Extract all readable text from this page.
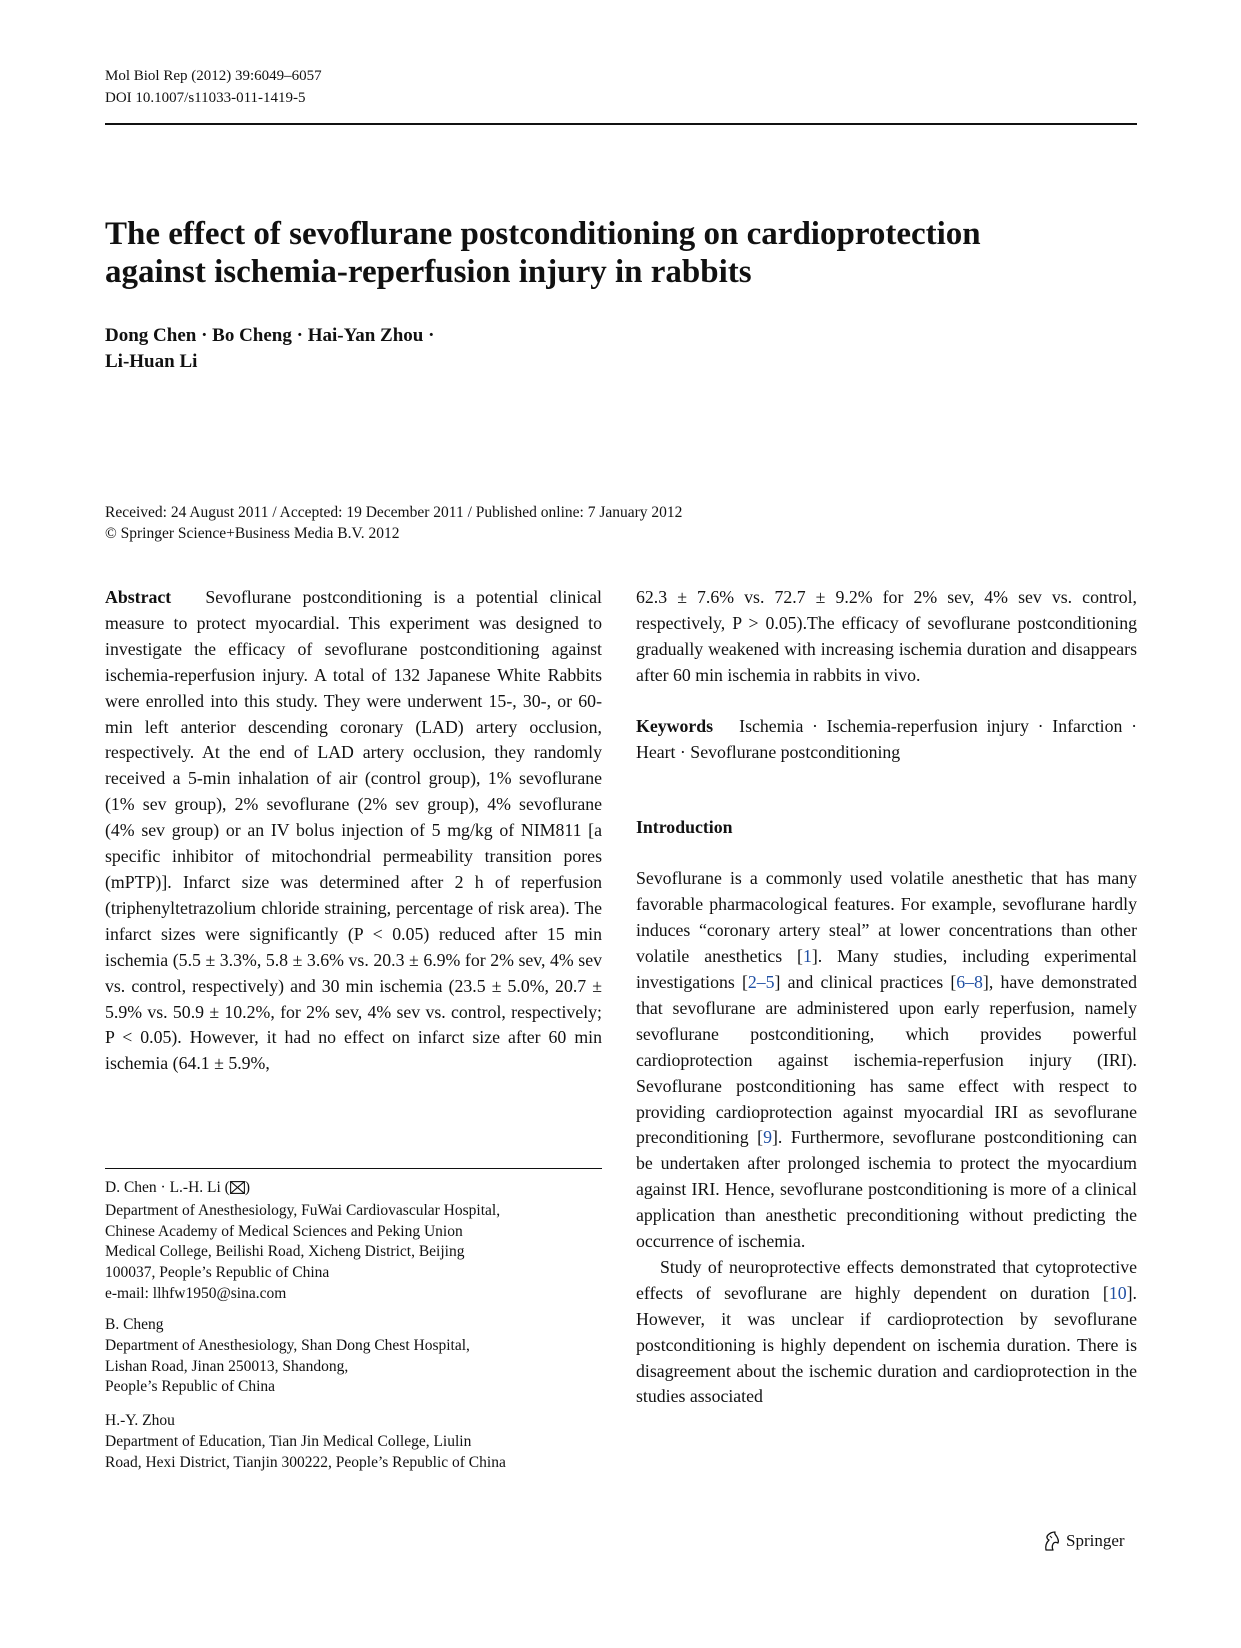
Mol Biol Rep (2012) 39:6049–6057
DOI 10.1007/s11033-011-1419-5
The effect of sevoflurane postconditioning on cardioprotection
against ischemia-reperfusion injury in rabbits
Dong Chen · Bo Cheng · Hai-Yan Zhou ·
Li-Huan Li
Received: 24 August 2011 / Accepted: 19 December 2011 / Published online: 7 January 2012
© Springer Science+Business Media B.V. 2012

Abstract Sevoflurane postconditioning is a potential clinical measure to protect myocardial. This experiment was designed to investigate the efficacy of sevoflurane postconditioning against ischemia-reperfusion injury. A total of 132 Japanese White Rabbits were enrolled into this study. They were underwent 15-, 30-, or 60-min left anterior descending coronary (LAD) artery occlusion, respectively. At the end of LAD artery occlusion, they randomly received a 5-min inhalation of air (control group), 1% sevoflurane (1% sev group), 2% sevoflurane (2% sev group), 4% sevoflurane (4% sev group) or an IV bolus injection of 5 mg/kg of NIM811 [a specific inhibitor of mitochondrial permeability transition pores (mPTP)]. Infarct size was determined after 2 h of reperfusion (triphenyltetrazolium chloride straining, percentage of risk area). The infarct sizes were significantly (P < 0.05) reduced after 15 min ischemia (5.5 ± 3.3%, 5.8 ± 3.6% vs. 20.3 ± 6.9% for 2% sev, 4% sev vs. control, respectively) and 30 min ischemia (23.5 ± 5.0%, 20.7 ± 5.9% vs. 50.9 ± 10.2%, for 2% sev, 4% sev vs. control, respectively; P < 0.05). However, it had no effect on infarct size after 60 min ischemia (64.1 ± 5.9%,

D. Chen · L.-H. Li ( )

Department of Anesthesiology, FuWai Cardiovascular Hospital,

Chinese Academy of Medical Sciences and Peking Union

Medical College, Beilishi Road, Xicheng District, Beijing

100037, People’s Republic of China

e-mail: llhfw1950@sina.com

B. Cheng

Department of Anesthesiology, Shan Dong Chest Hospital,

Lishan Road, Jinan 250013, Shandong,

People’s Republic of China

H.-Y. Zhou

Department of Education, Tian Jin Medical College, Liulin

Road, Hexi District, Tianjin 300222, People’s Republic of China

62.3 ± 7.6% vs. 72.7 ± 9.2% for 2% sev, 4% sev vs. control, respectively, P > 0.05).The efficacy of sevoflurane postconditioning gradually weakened with increasing ischemia duration and disappears after 60 min ischemia in rabbits in vivo.

Keywords Ischemia · Ischemia-reperfusion injury · Infarction · Heart · Sevoflurane postconditioning

Introduction

Sevoflurane is a commonly used volatile anesthetic that has many favorable pharmacological features. For example, sevoflurane hardly induces “coronary artery steal” at lower concentrations than other volatile anesthetics [1]. Many studies, including experimental investigations [2–5] and clinical practices [6–8], have demonstrated that sevoflurane are administered upon early reperfusion, namely sevoflurane postconditioning, which provides powerful cardioprotection against ischemia-reperfusion injury (IRI). Sevoflurane postconditioning has same effect with respect to providing cardioprotection against myocardial IRI as sevoflurane preconditioning [9]. Furthermore, sevoflurane postconditioning can be undertaken after prolonged ischemia to protect the myocardium against IRI. Hence, sevoflurane postconditioning is more of a clinical application than anesthetic preconditioning without predicting the occurrence of ischemia.

Study of neuroprotective effects demonstrated that cytoprotective effects of sevoflurane are highly dependent on duration [10]. However, it was unclear if cardioprotection by sevoflurane postconditioning is highly dependent on ischemia duration. There is disagreement about the ischemic duration and cardioprotection in the studies associated

Springer
